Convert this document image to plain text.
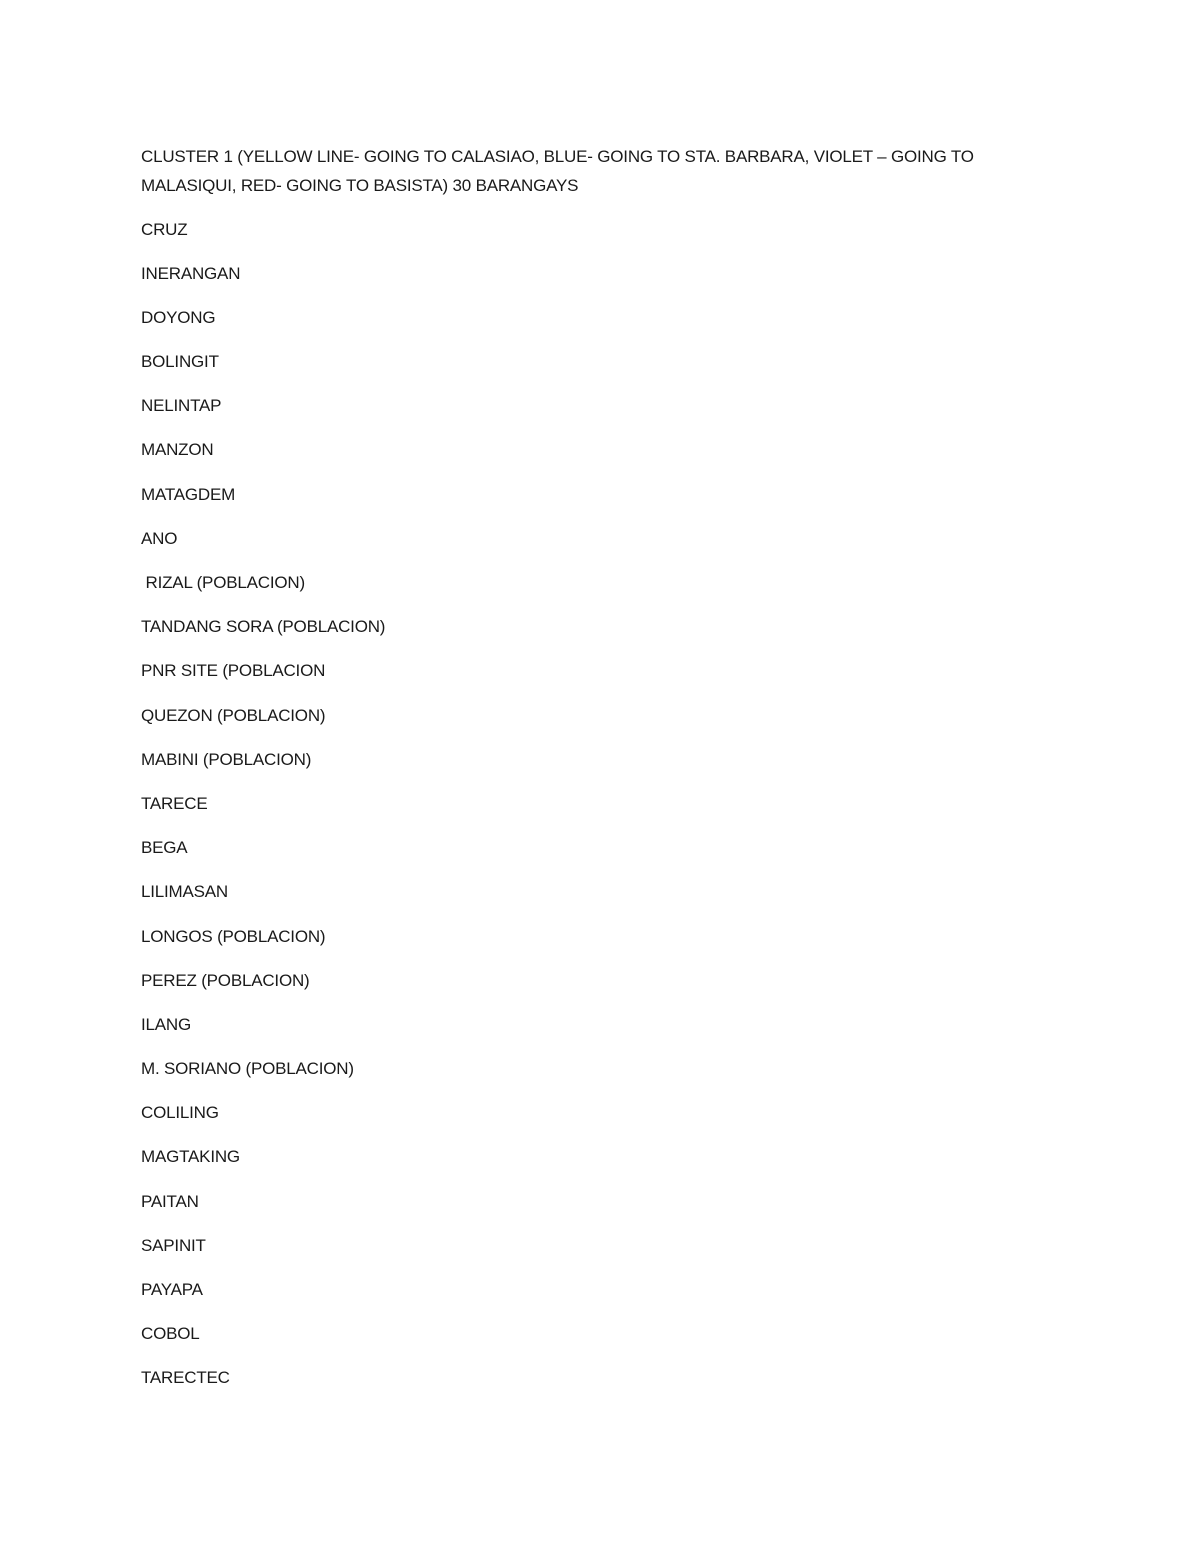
CLUSTER 1 (YELLOW LINE- GOING TO CALASIAO, BLUE- GOING TO STA. BARBARA, VIOLET – GOING TO MALASIQUI, RED- GOING TO BASISTA) 30 BARANGAYS

CRUZ
INERANGAN
DOYONG
BOLINGIT
NELINTAP
MANZON
MATAGDEM
ANO
RIZAL (POBLACION)
TANDANG SORA (POBLACION)
PNR SITE (POBLACION
QUEZON (POBLACION)
MABINI (POBLACION)
TARECE
BEGA
LILIMASAN
LONGOS (POBLACION)
PEREZ (POBLACION)
ILANG
M. SORIANO (POBLACION)
COLILING
MAGTAKING
PAITAN
SAPINIT
PAYAPA
COBOL
TARECTEC
